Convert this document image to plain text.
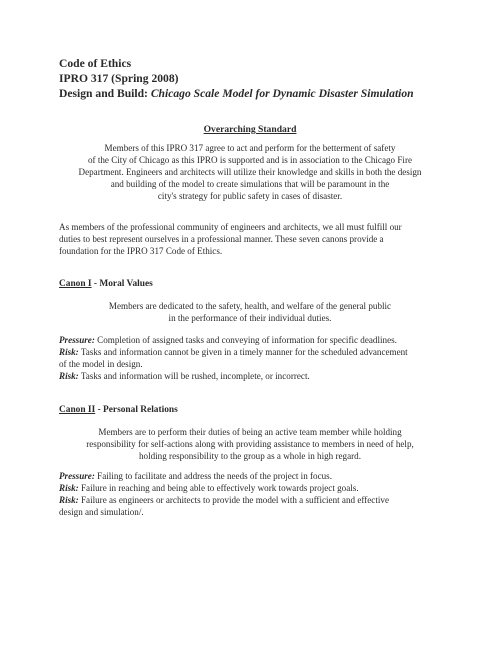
Code of Ethics
IPRO 317 (Spring 2008)
Design and Build: Chicago Scale Model for Dynamic Disaster Simulation
Overarching Standard
Members of this IPRO 317 agree to act and perform for the betterment of safety
of the City of Chicago as this IPRO is supported and is in association to the Chicago Fire
Department. Engineers and architects will utilize their knowledge and skills in both the design
and building of the model to create simulations that will be paramount in the
city's strategy for public safety in cases of disaster.
As members of the professional community of engineers and architects, we all must fulfill our
duties to best represent ourselves in a professional manner. These seven canons provide a
foundation for the IPRO 317 Code of Ethics.
Canon I - Moral Values
Members are dedicated to the safety, health, and welfare of the general public
in the performance of their individual duties.
Pressure: Completion of assigned tasks and conveying of information for specific deadlines.
Risk: Tasks and information cannot be given in a timely manner for the scheduled advancement
of the model in design.
Risk: Tasks and information will be rushed, incomplete, or incorrect.
Canon II - Personal Relations
Members are to perform their duties of being an active team member while holding
responsibility for self-actions along with providing assistance to members in need of help,
holding responsibility to the group as a whole in high regard.
Pressure: Failing to facilitate and address the needs of the project in focus.
Risk: Failure in reaching and being able to effectively work towards project goals.
Risk: Failure as engineers or architects to provide the model with a sufficient and effective
design and simulation/.
